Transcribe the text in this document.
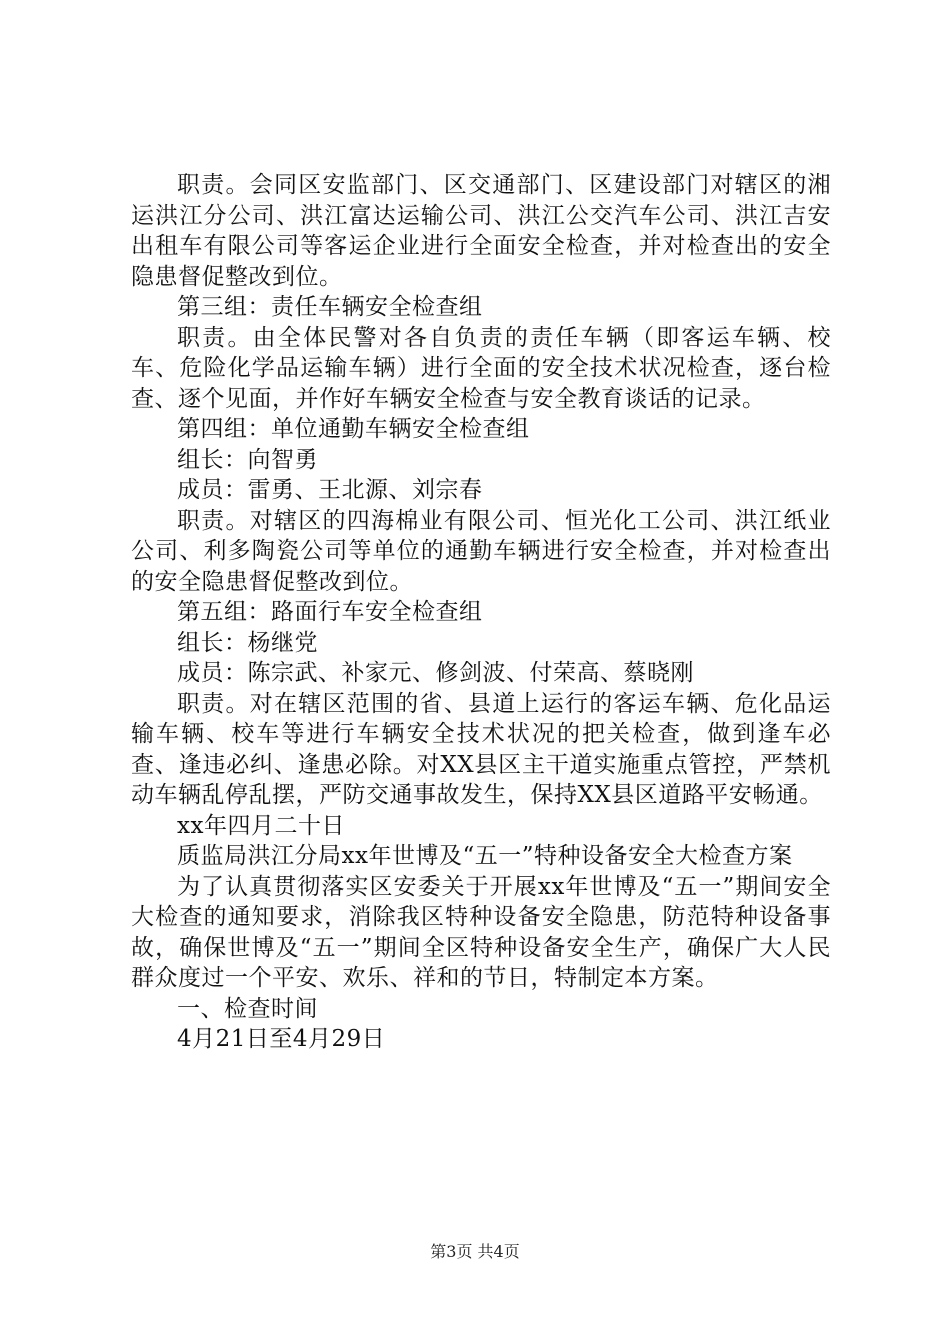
职责。会同区安监部门、区交通部门、区建设部门对辖区的湘运洪江分公司、洪江富达运输公司、洪江公交汽车公司、洪江吉安出租车有限公司等客运企业进行全面安全检查，并对检查出的安全隐患督促整改到位。

第三组：责任车辆安全检查组

职责。由全体民警对各自负责的责任车辆（即客运车辆、校车、危险化学品运输车辆）进行全面的安全技术状况检查，逐台检查、逐个见面，并作好车辆安全检查与安全教育谈话的记录。

第四组：单位通勤车辆安全检查组

组长：向智勇

成员：雷勇、王北源、刘宗春

职责。对辖区的四海棉业有限公司、恒光化工公司、洪江纸业公司、利多陶瓷公司等单位的通勤车辆进行安全检查，并对检查出的安全隐患督促整改到位。

第五组：路面行车安全检查组

组长：杨继党

成员：陈宗武、补家元、修剑波、付荣高、蔡晓刚

职责。对在辖区范围的省、县道上运行的客运车辆、危化品运输车辆、校车等进行车辆安全技术状况的把关检查，做到逢车必查、逢违必纠、逢患必除。对XX县区主干道实施重点管控，严禁机动车辆乱停乱摆，严防交通事故发生，保持XX县区道路平安畅通。

xx年四月二十日

质监局洪江分局xx年世博及“五一”特种设备安全大检查方案

为了认真贯彻落实区安委关于开展xx年世博及“五一”期间安全大检查的通知要求，消除我区特种设备安全隐患，防范特种设备事故，确保世博及“五一”期间全区特种设备安全生产，确保广大人民群众度过一个平安、欢乐、祥和的节日，特制定本方案。

一、检查时间

4月21日至4月29日

第3页 共4页
